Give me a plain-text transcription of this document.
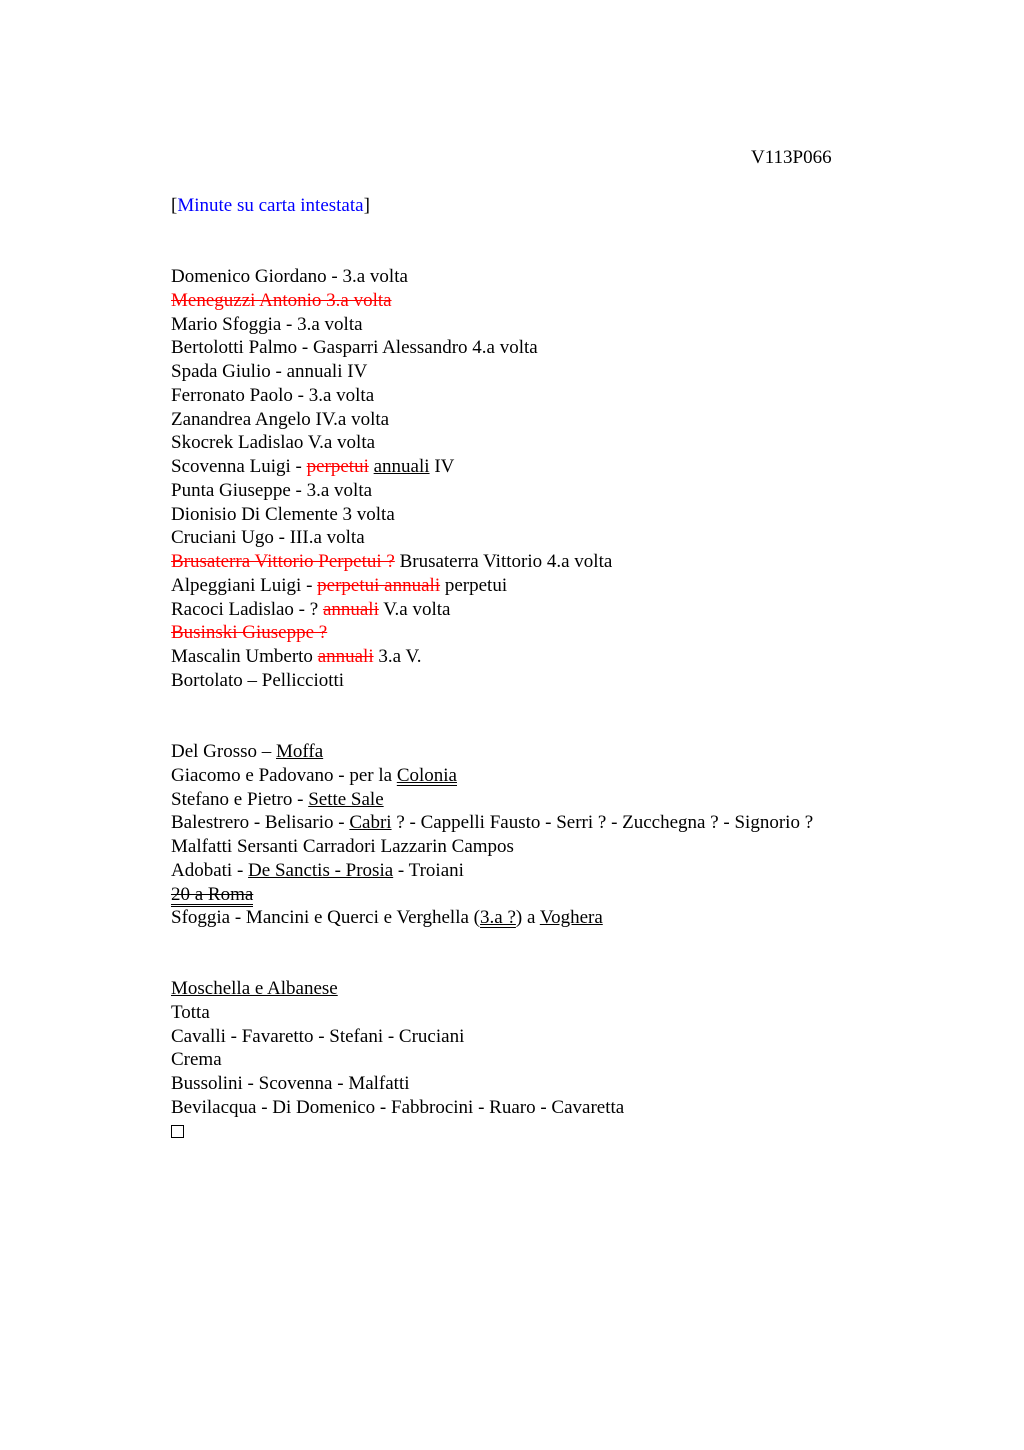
V113P066
[Minute su carta intestata]
Domenico Giordano - 3.a volta
Meneguzzi Antonio 3.a volta
Mario Sfoggia - 3.a volta
Bertolotti Palmo - Gasparri Alessandro 4.a volta
Spada Giulio - annuali IV
Ferronato Paolo - 3.a volta
Zanandrea Angelo IV.a volta
Skocrek Ladislao V.a volta
Scovenna Luigi - perpetui annuali IV
Punta Giuseppe - 3.a volta
Dionisio Di Clemente 3 volta
Cruciani Ugo - III.a volta
Brusaterra Vittorio Perpetui ? Brusaterra Vittorio 4.a volta
Alpeggiani Luigi - perpetui annuali perpetui
Racoci Ladislao - ? annuali V.a volta
Businski Giuseppe ?
Mascalin Umberto annuali 3.a V.
Bortolato – Pellicciotti
Del Grosso – Moffa
Giacomo e Padovano - per la Colonia
Stefano e Pietro - Sette Sale
Balestrero - Belisario - Cabri ? - Cappelli Fausto - Serri ? - Zucchegna ? - Signorio ?
Malfatti Sersanti Carradori Lazzarin Campos
Adobati - De Sanctis - Prosia - Troiani
20 a Roma
Sfoggia - Mancini e Querci e Verghella (3.a ?) a Voghera
Moschella e Albanese
Totta
Cavalli - Favaretto - Stefani - Cruciani
Crema
Bussolini - Scovenna - Malfatti
Bevilacqua - Di Domenico - Fabbrocini - Ruaro - Cavaretta
